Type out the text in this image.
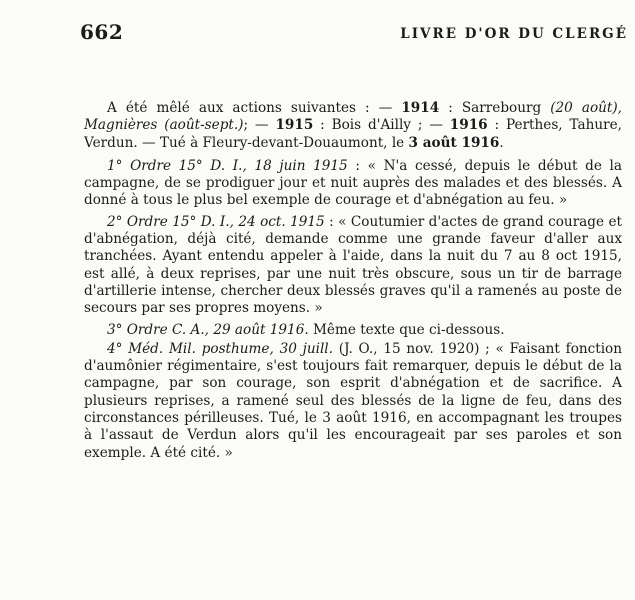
662	LIVRE D'OR DU CLERGÉ

A été mêlé aux actions suivantes : — 1914 : Sarrebourg (20 août), Magnières (août-sept.); — 1915 : Bois d'Ailly ; — 1916 : Perthes, Tahure, Verdun. — Tué à Fleury-devant-Douaumont, le 3 août 1916.

1° Ordre 15° D. I., 18 juin 1915 : « N'a cessé, depuis le début de la campagne, de se prodiguer jour et nuit auprès des malades et des blessés. A donné à tous le plus bel exemple de courage et d'abnégation au feu. »

2° Ordre 15° D. I., 24 oct. 1915 : « Coutumier d'actes de grand courage et d'abnégation, déjà cité, demande comme une grande faveur d'aller aux tranchées. Ayant entendu appeler à l'aide, dans la nuit du 7 au 8 oct 1915, est allé, à deux reprises, par une nuit très obscure, sous un tir de barrage d'artillerie intense, chercher deux blessés graves qu'il a ramenés au poste de secours par ses propres moyens. »

3° Ordre C. A., 29 août 1916. Même texte que ci-dessous.

4° Méd. Mil. posthume, 30 juill. (J. O., 15 nov. 1920) ; « Faisant fonction d'aumônier régimentaire, s'est toujours fait remarquer, depuis le début de la campagne, par son courage, son esprit d'abnégation et de sacrifice. A plusieurs reprises, a ramené seul des blessés de la ligne de feu, dans des circonstances périlleuses. Tué, le 3 août 1916, en accompagnant les troupes à l'assaut de Verdun alors qu'il les encourageait par ses paroles et son exemple. A été cité. »
